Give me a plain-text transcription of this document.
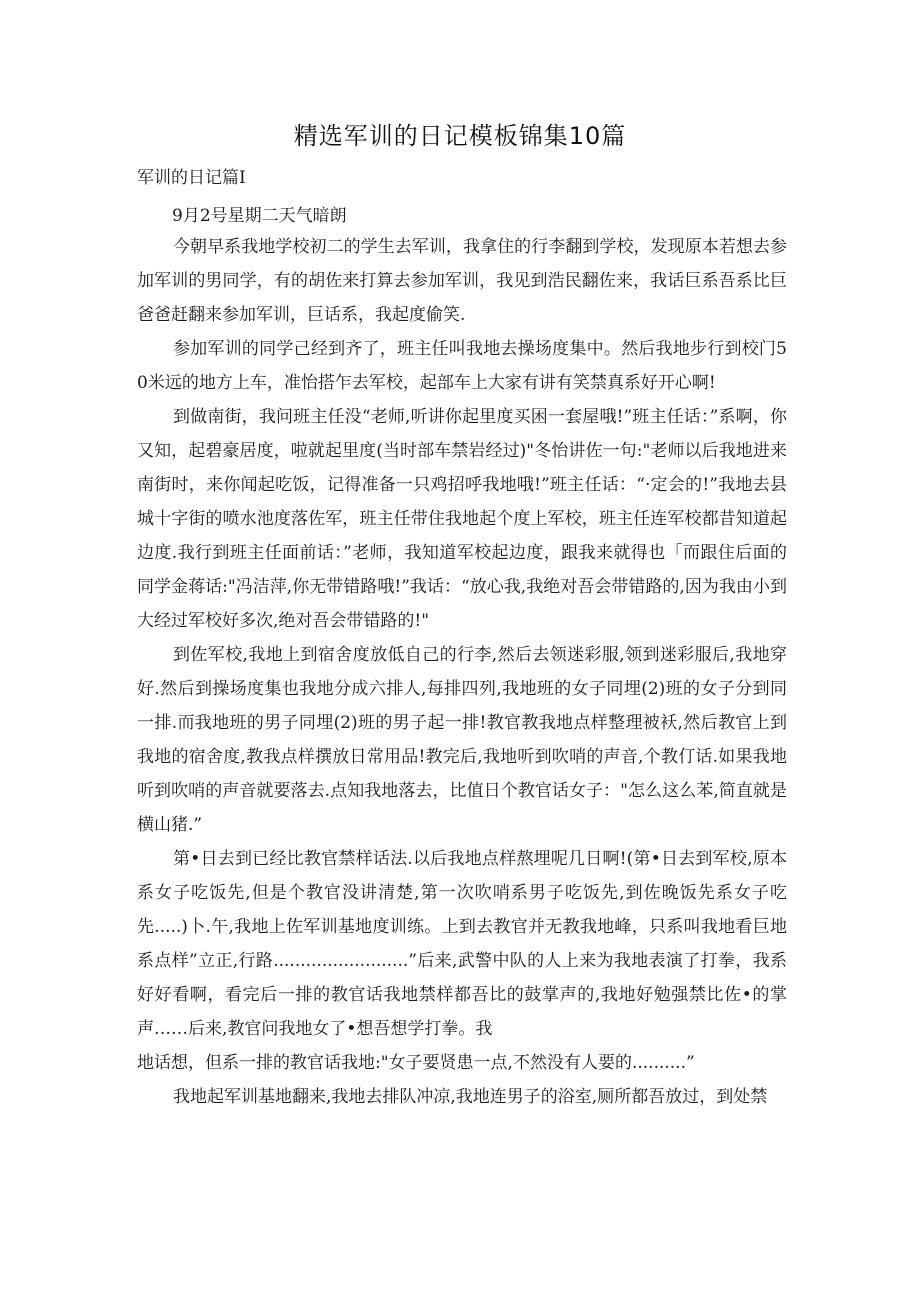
精选军训的日记模板锦集10篇
军训的日记篇I
9月2号星期二天气暗朗

今朝早系我地学校初二的学生去军训，我拿住的行李翻到学校，发现原本若想去参加军训的男同学，有的胡佐来打算去参加军训，我见到浩民翻佐来，我话巨系吾系比巨爸爸赶翻来参加军训，巨话系，我起度偷笑.

参加军训的同学己经到齐了，班主任叫我地去操场度集中。然后我地步行到校门50米远的地方上车，准怡搭乍去军校，起部车上大家有讲有笑禁真系好开心啊!

到做南街，我问班主任没“老师,听讲你起里度买困一套屋哦!”班主任话：”系啊，你又知，起碧豪居度，啦就起里度(当时部车禁岩经过)"冬怡讲佐一句:"老师以后我地进来南街时，来你闻起吃饭，记得准备一只鸡招呼我地哦!”班主任话：“·定会的!”我地去县城十字街的喷水池度落佐军，班主任带住我地起个度上军校，班主任连军校都昔知道起边度.我行到班主任面前话：”老师，我知道军校起边度，跟我来就得也「而跟住后面的同学金蒋话:"冯洁萍,你无带错路哦!”我话：“放心我,我绝对吾会带错路的,因为我由小到大经过军校好多次,绝对吾会带错路的!"

到佐军校,我地上到宿舍度放低自己的行李,然后去领迷彩服,领到迷彩服后,我地穿好.然后到操场度集也我地分成六排人,每排四列,我地班的女子同埋(2)班的女子分到同一排.而我地班的男子同埋(2)班的男子起一排!教官教我地点样整理被袄,然后教官上到我地的宿舍度,教我点样撰放日常用品!教完后,我地听到吹哨的声音,个教仃话.如果我地听到吹哨的声音就要落去.点知我地落去，比值日个教官话女子："怎么这么苯,简直就是横山猪.”

第•日去到已经比教官禁样话法.以后我地点样熬埋呢几日啊!(第•日去到军校,原本系女子吃饭先,但是个教官没讲清楚,第一次吹哨系男子吃饭先,到佐晚饭先系女子吃先.....)卜.午,我地上佐军训基地度训练。上到去教官并无教我地峰，只系叫我地看巨地系点样”立正,行路.........................”后来,武警中队的人上来为我地表演了打拳，我系好好看啊，看完后一排的教官话我地禁样都吾比的鼓掌声的,我地好勉强禁比佐•的掌声……后来,教官问我地女了•想吾想学打拳。我

地话想，但系一排的教官话我地:"女子要贤患一点,不然没有人要的..........”

我地起军训基地翻来,我地去排队冲凉,我地连男子的浴室,厕所都吾放过，到处禁
